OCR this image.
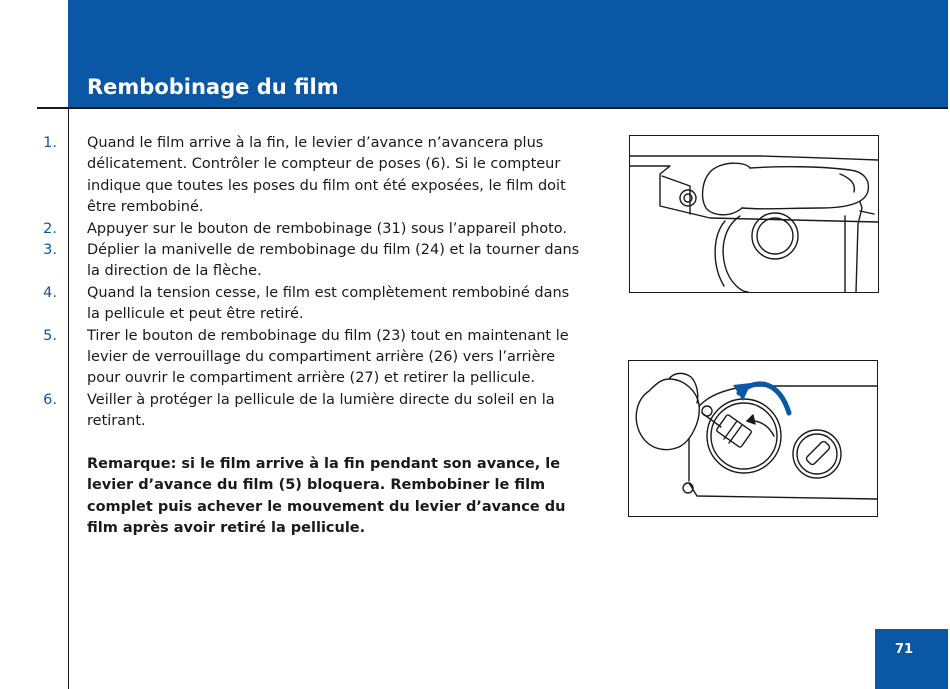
Rembobinage du film
1. Quand le film arrive à la fin, le levier d’avance n’avancera plus délicatement. Contrôler le compteur de poses (6). Si le compteur indique que toutes les poses du film ont été exposées, le film doit être rembobiné.
2. Appuyer sur le bouton de rembobinage (31) sous l’appareil photo.
3. Déplier la manivelle de rembobinage du film (24) et la tourner dans la direction de la flèche.
4. Quand la tension cesse, le film est complètement rembobiné dans la pellicule et peut être retiré.
5. Tirer le bouton de rembobinage du film (23) tout en maintenant le levier de verrouillage du compartiment arrière (26) vers l’arrière pour ouvrir le compartiment arrière (27) et retirer la pellicule.
6. Veiller à protéger la pellicule de la lumière directe du soleil en la retirant.
Remarque: si le film arrive à la fin pendant son avance, le levier d’avance du film (5) bloquera. Rembobiner le film complet puis achever le mouvement du levier d’avance du film après avoir retiré la pellicule.
71
